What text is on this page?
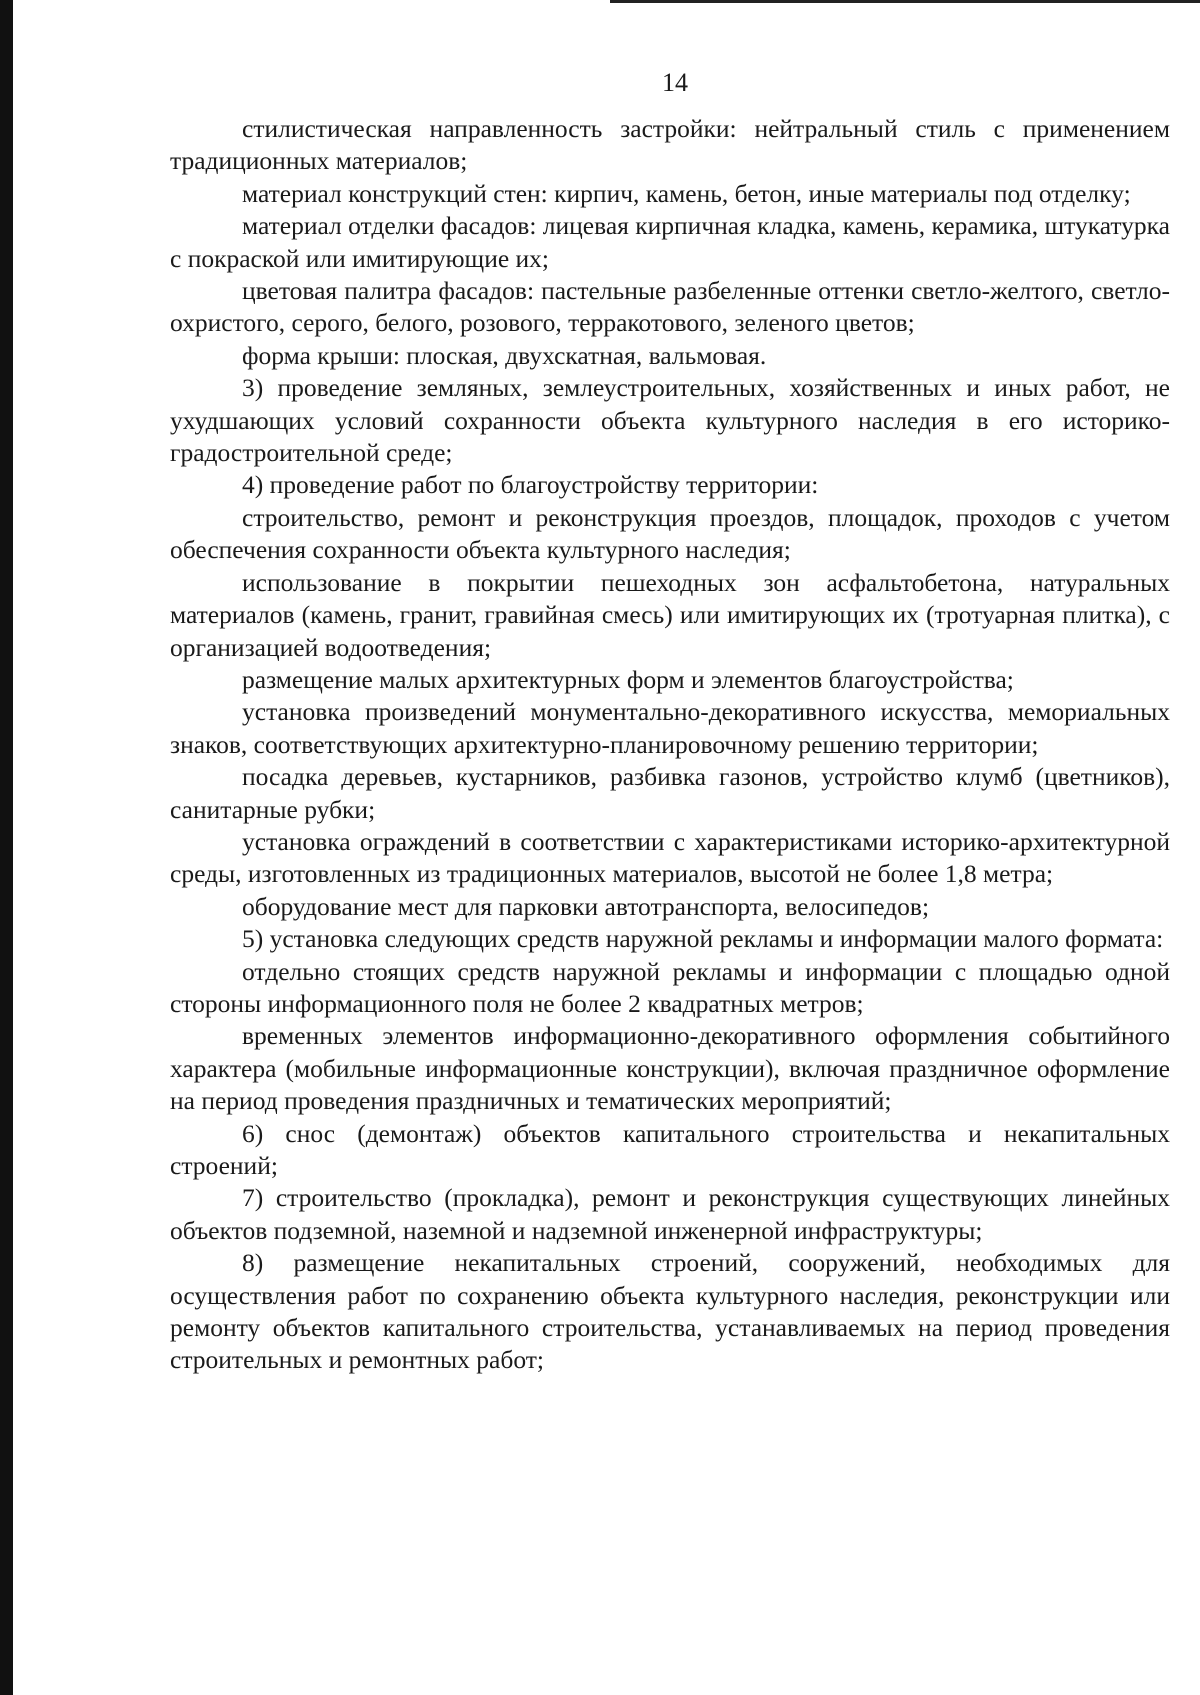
14

стилистическая направленность застройки: нейтральный стиль с применением традиционных материалов;

материал конструкций стен: кирпич, камень, бетон, иные материалы под отделку;

материал отделки фасадов: лицевая кирпичная кладка, камень, керамика, штукатурка с покраской или имитирующие их;

цветовая палитра фасадов: пастельные разбеленные оттенки светло-желтого, светло-охристого, серого, белого, розового, терракотового, зеленого цветов;

форма крыши: плоская, двухскатная, вальмовая.

3) проведение земляных, землеустроительных, хозяйственных и иных работ, не ухудшающих условий сохранности объекта культурного наследия в его историко-градостроительной среде;

4) проведение работ по благоустройству территории:

строительство, ремонт и реконструкция проездов, площадок, проходов с учетом обеспечения сохранности объекта культурного наследия;

использование в покрытии пешеходных зон асфальтобетона, натуральных материалов (камень, гранит, гравийная смесь) или имитирующих их (тротуарная плитка), с организацией водоотведения;

размещение малых архитектурных форм и элементов благоустройства;

установка произведений монументально-декоративного искусства, мемориальных знаков, соответствующих архитектурно-планировочному решению территории;

посадка деревьев, кустарников, разбивка газонов, устройство клумб (цветников), санитарные рубки;

установка ограждений в соответствии с характеристиками историко-архитектурной среды, изготовленных из традиционных материалов, высотой не более 1,8 метра;

оборудование мест для парковки автотранспорта, велосипедов;

5) установка следующих средств наружной рекламы и информации малого формата:

отдельно стоящих средств наружной рекламы и информации с площадью одной стороны информационного поля не более 2 квадратных метров;

временных элементов информационно-декоративного оформления событийного характера (мобильные информационные конструкции), включая праздничное оформление на период проведения праздничных и тематических мероприятий;

6) снос (демонтаж) объектов капитального строительства и некапитальных строений;

7) строительство (прокладка), ремонт и реконструкция существующих линейных объектов подземной, наземной и надземной инженерной инфраструктуры;

8) размещение некапитальных строений, сооружений, необходимых для осуществления работ по сохранению объекта культурного наследия, реконструкции или ремонту объектов капитального строительства, устанавливаемых на период проведения строительных и ремонтных работ;
